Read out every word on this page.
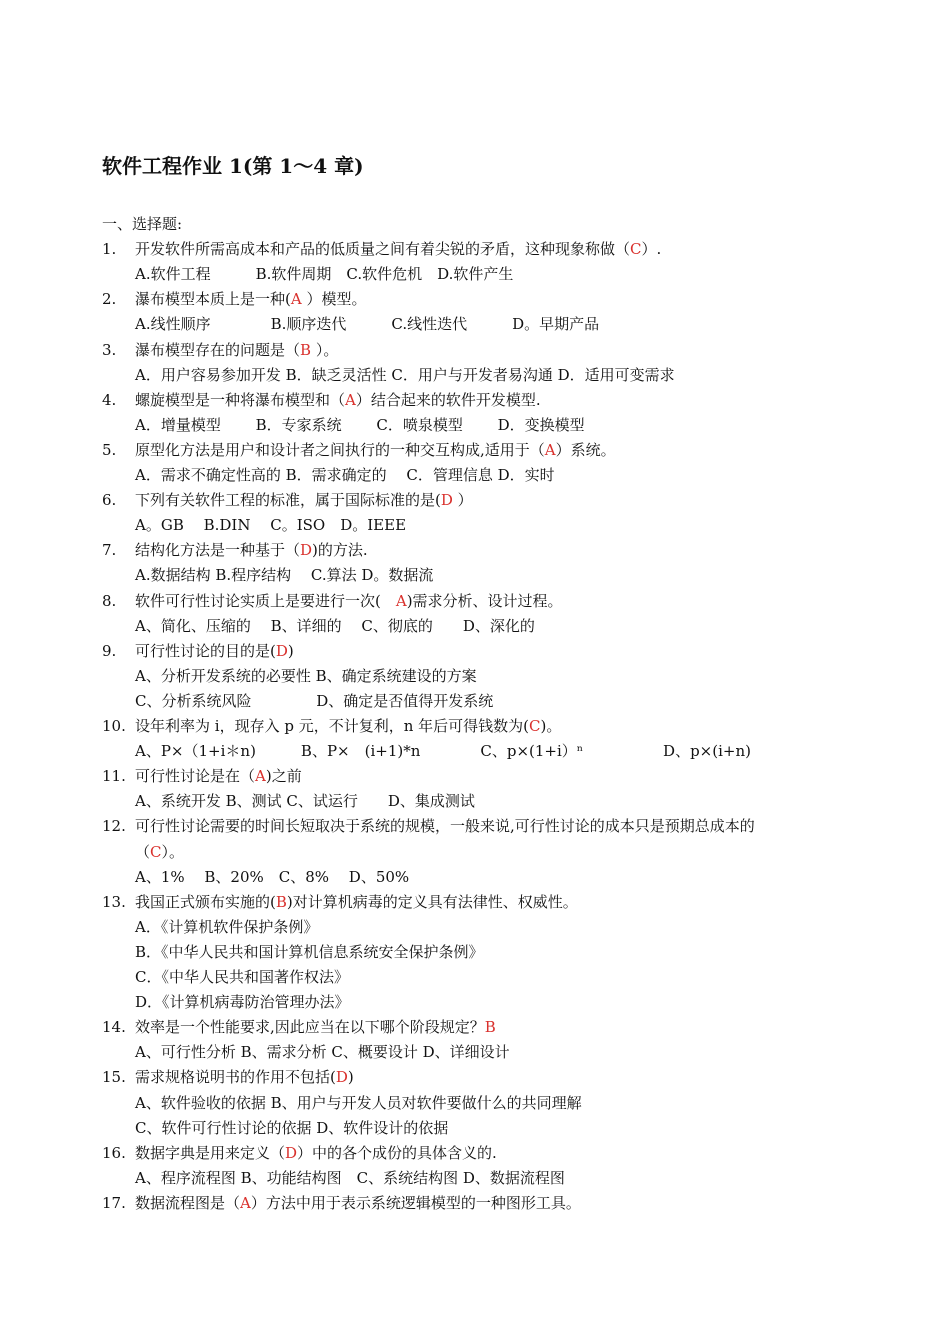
软件工程作业 1(第 1～4 章)
一、选择题:
1. 开发软件所需高成本和产品的低质量之间有着尖锐的矛盾，这种现象称做（C）.
A.软件工程　　　B.软件周期　C.软件危机　D.软件产生
2. 瀑布模型本质上是一种(A ）模型。
A.线性顺序　　　　B.顺序迭代　　　C.线性迭代　　　D。早期产品
3. 瀑布模型存在的问题是（B ）。
A．用户容易参加开发 B．缺乏灵活性 C．用户与开发者易沟通 D．适用可变需求
4. 螺旋模型是一种将瀑布模型和（A）结合起来的软件开发模型.
A．增量模型　　 B．专家系统　　 C．喷泉模型　　 D．变换模型
5. 原型化方法是用户和设计者之间执行的一种交互构成,适用于（A）系统。
A．需求不确定性高的 B．需求确定的　 C．管理信息 D．实时
6. 下列有关软件工程的标准，属于国际标准的是(D ）
A。GB　 B.DIN　 C。ISO　D。IEEE
7. 结构化方法是一种基于（D)的方法.
A.数据结构 B.程序结构　 C.算法 D。数据流
8. 软件可行性讨论实质上是要进行一次(　A)需求分析、设计过程。
A、简化、压缩的　 B、详细的　 C、彻底的　　D、深化的
9. 可行性讨论的目的是(D)
A、分析开发系统的必要性 B、确定系统建设的方案
C、分析系统风险　　　　 D、确定是否值得开发系统
10. 设年利率为 i，现存入 p 元，不计复利，n 年后可得钱数为(C)。
A、P×（1+i＊n)　　　B、P×　(i+1)*n　　　　C、p×(1+i）ⁿ　　　　　 D、p×(i+n)
11. 可行性讨论是在（A)之前
A、系统开发 B、测试 C、试运行　　D、集成测试
12. 可行性讨论需要的时间长短取决于系统的规模，一般来说,可行性讨论的成本只是预期总成本的
（C）。
A、1%　 B、20%　C、8%　 D、50%
13. 我国正式颁布实施的(B)对计算机病毒的定义具有法律性、权威性。
A．《计算机软件保护条例》
B．《中华人民共和国计算机信息系统安全保护条例》
C．《中华人民共和国著作权法》
D．《计算机病毒防治管理办法》
14. 效率是一个性能要求,因此应当在以下哪个阶段规定？B
A、可行性分析 B、需求分析 C、概要设计 D、详细设计
15. 需求规格说明书的作用不包括(D)
A、软件验收的依据 B、用户与开发人员对软件要做什么的共同理解
C、软件可行性讨论的依据 D、软件设计的依据
16. 数据字典是用来定义（D）中的各个成份的具体含义的.
A、程序流程图 B、功能结构图　C、系统结构图 D、数据流程图
17. 数据流程图是（A）方法中用于表示系统逻辑模型的一种图形工具。
